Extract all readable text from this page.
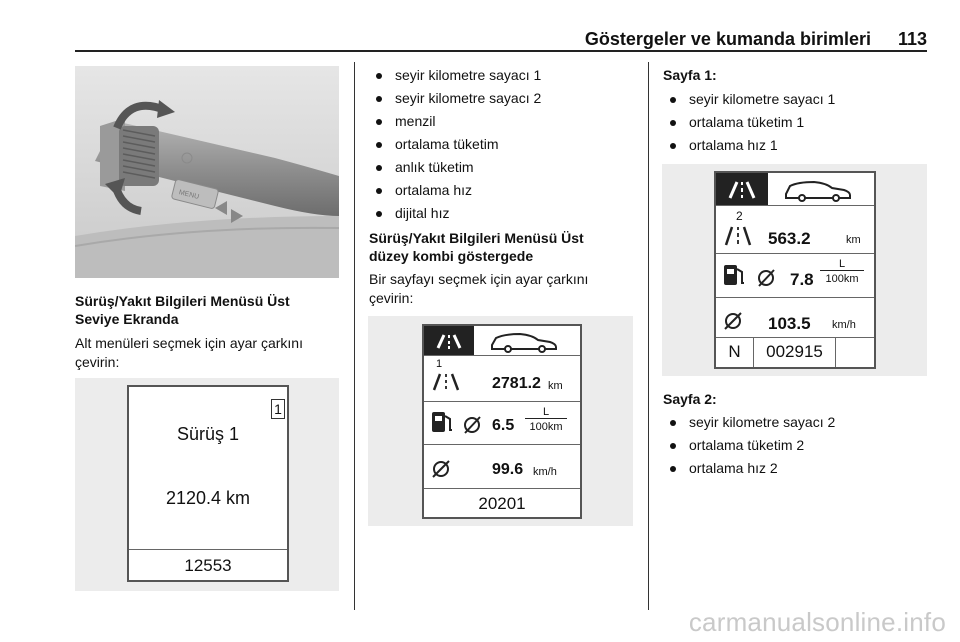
Göstergeler ve kumanda birimleri 113
MENU
Sürüş/Yakıt Bilgileri Menüsü Üst
Seviye Ekranda
Alt menüleri seçmek için ayar çarkını
çevirin:
1
Sürüş 1
2120.4 km
12553
seyir kilometre sayacı 1
seyir kilometre sayacı 2
menzil
ortalama tüketim
anlık tüketim
ortalama hız
dijital hız
Sürüş/Yakıt Bilgileri Menüsü Üst
düzey kombi göstergede
Bir sayfayı seçmek için ayar çarkını
çevirin:
1
2781.2 km
6.5
L
100km
99.6 km/h
20201
Sayfa 1:
seyir kilometre sayacı 1
ortalama tüketim 1
ortalama hız 1
Sayfa 2:
seyir kilometre sayacı 2
ortalama tüketim 2
ortalama hız 2
2
563.2	km
7.8
L
100km
103.5 km/h
N	002915
carmanualsonline.info
